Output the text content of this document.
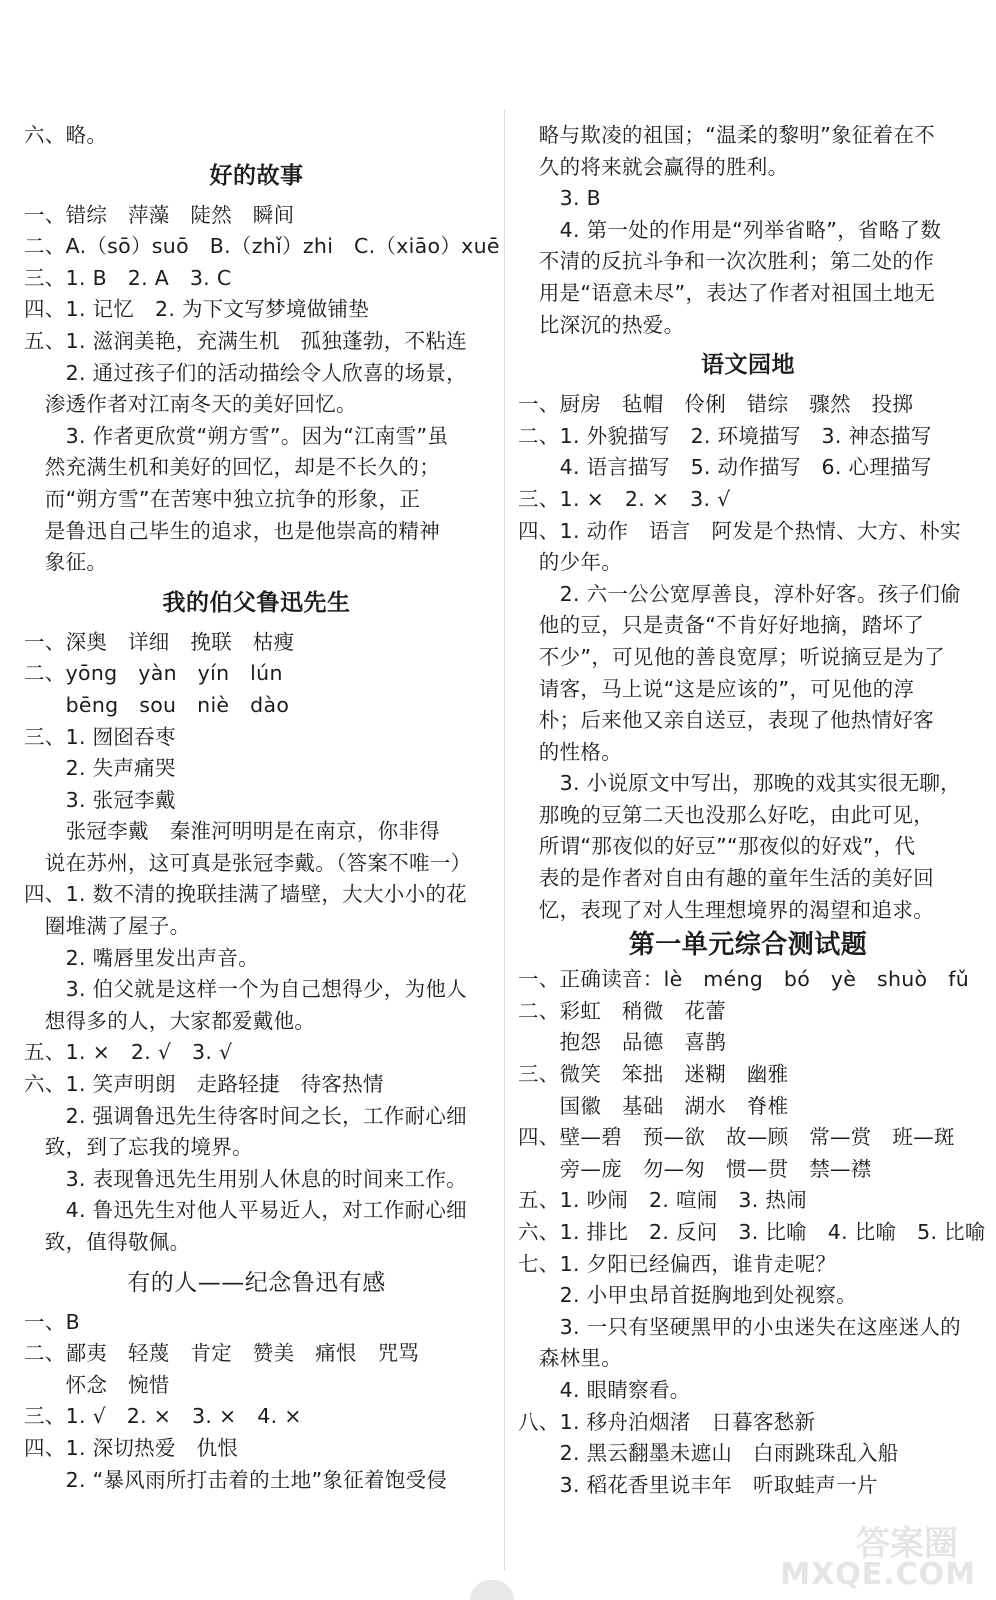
六、略。
好的故事
一、错综　萍藻　陡然　瞬间
二、A.（sō）suō　B.（zhǐ）zhi　C.（xiāo）xuē
三、1. B　2. A　3. C
四、1. 记忆　2. 为下文写梦境做铺垫
五、1. 滋润美艳，充满生机　孤独蓬勃，不粘连
　　2. 通过孩子们的活动描绘令人欣喜的场景，
　渗透作者对江南冬天的美好回忆。
　　3. 作者更欣赏“朔方雪”。因为“江南雪”虽
　然充满生机和美好的回忆，却是不长久的；
　而“朔方雪”在苦寒中独立抗争的形象，正
　是鲁迅自己毕生的追求，也是他崇高的精神
　象征。
我的伯父鲁迅先生
一、深奥　详细　挽联　枯瘦
二、yōng　yàn　yín　lún
　　bēng　sou　niè　dào
三、1. 囫囵吞枣
　　2. 失声痛哭
　　3. 张冠李戴
　　张冠李戴　秦淮河明明是在南京，你非得
　说在苏州，这可真是张冠李戴。（答案不唯一）
四、1. 数不清的挽联挂满了墙壁，大大小小的花
　圈堆满了屋子。
　　2. 嘴唇里发出声音。
　　3. 伯父就是这样一个为自己想得少，为他人
　想得多的人，大家都爱戴他。
五、1. ×　2. √　3. √
六、1. 笑声明朗　走路轻捷　待客热情
　　2. 强调鲁迅先生待客时间之长，工作耐心细
　致，到了忘我的境界。
　　3. 表现鲁迅先生用别人休息的时间来工作。
　　4. 鲁迅先生对他人平易近人，对工作耐心细
　致，值得敬佩。
有的人——纪念鲁迅有感
一、B
二、鄙夷　轻蔑　肯定　赞美　痛恨　咒骂
　　怀念　惋惜
三、1. √　2. ×　3. ×　4. ×
四、1. 深切热爱　仇恨
　　2. “暴风雨所打击着的土地”象征着饱受侵
　略与欺凌的祖国；“温柔的黎明”象征着在不
　久的将来就会赢得的胜利。
　　3. B
　　4. 第一处的作用是“列举省略”，省略了数
　不清的反抗斗争和一次次胜利；第二处的作
　用是“语意未尽”，表达了作者对祖国土地无
　比深沉的热爱。
语文园地
一、厨房　毡帽　伶俐　错综　骤然　投掷
二、1. 外貌描写　2. 环境描写　3. 神态描写
　　4. 语言描写　5. 动作描写　6. 心理描写
三、1. ×　2. ×　3. √
四、1. 动作　语言　阿发是个热情、大方、朴实
　的少年。
　　2. 六一公公宽厚善良，淳朴好客。孩子们偷
　他的豆，只是责备“不肯好好地摘，踏坏了
　不少”，可见他的善良宽厚；听说摘豆是为了
　请客，马上说“这是应该的”，可见他的淳
　朴；后来他又亲自送豆，表现了他热情好客
　的性格。
　　3. 小说原文中写出，那晚的戏其实很无聊，
　那晚的豆第二天也没那么好吃，由此可见，
　所谓“那夜似的好豆”“那夜似的好戏”，代
　表的是作者对自由有趣的童年生活的美好回
　忆，表现了对人生理想境界的渴望和追求。
第一单元综合测试题
一、正确读音：lè　méng　bó　yè　shuò　fǔ
二、彩虹　稍微　花蕾
　　抱怨　品德　喜鹊
三、微笑　笨拙　迷糊　幽雅
　　国徽　基础　湖水　脊椎
四、壁—碧　预—欲　故—顾　常—赏　班—斑
　　旁—庞　勿—匆　惯—贯　禁—襟
五、1. 吵闹　2. 喧闹　3. 热闹
六、1. 排比　2. 反问　3. 比喻　4. 比喻　5. 比喻
七、1. 夕阳已经偏西，谁肯走呢？
　　2. 小甲虫昂首挺胸地到处视察。
　　3. 一只有坚硬黑甲的小虫迷失在这座迷人的
　森林里。
　　4. 眼睛察看。
八、1. 移舟泊烟渚　日暮客愁新
　　2. 黑云翻墨未遮山　白雨跳珠乱入船
　　3. 稻花香里说丰年　听取蛙声一片
答案圈
MXQE.COM
